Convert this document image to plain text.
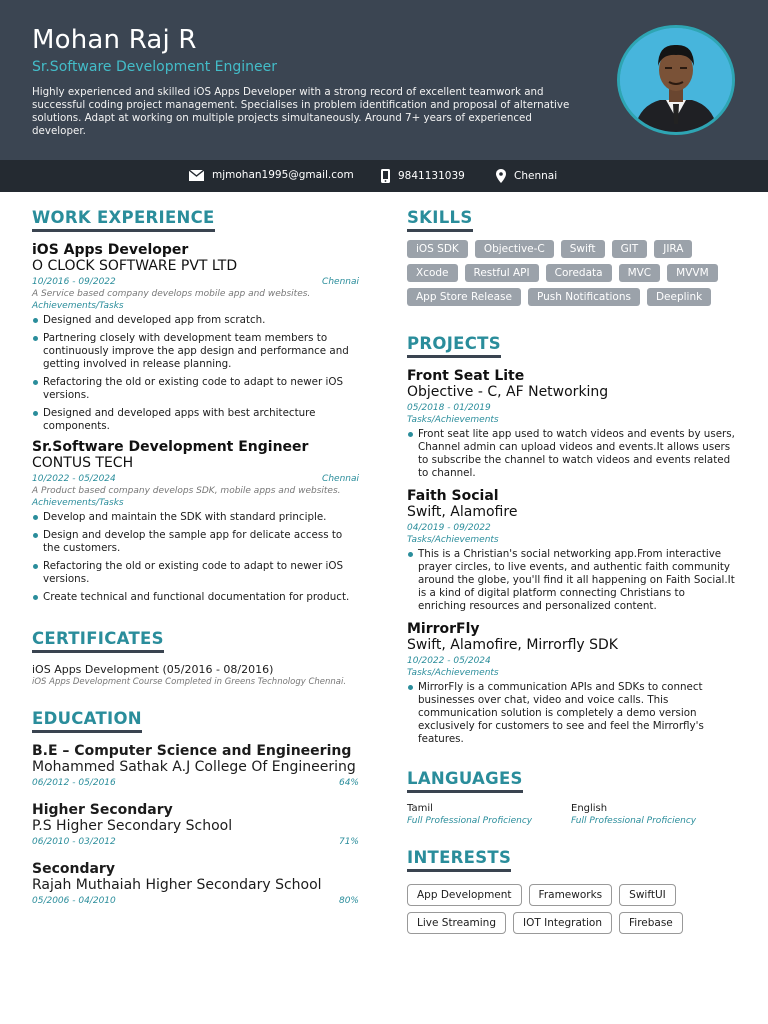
Mohan Raj R
Sr.Software Development Engineer
Highly experienced and skilled iOS Apps Developer with a strong record of excellent teamwork and successful coding project management. Specialises in problem identification and proposal of alternative solutions. Adapt at working on multiple projects simultaneously. Around 7+ years of experienced developer.
mjmohan1995@gmail.com	9841131039	Chennai
WORK EXPERIENCE
iOS Apps Developer
O CLOCK SOFTWARE PVT LTD
10/2016 - 09/2022	Chennai
A Service based company develops mobile app and websites.
Achievements/Tasks
Designed and developed app from scratch.
Partnering closely with development team members to continuously improve the app design and performance and getting involved in release planning.
Refactoring the old or existing code to adapt to newer iOS versions.
Designed and developed apps with best architecture components.
Sr.Software Development Engineer
CONTUS TECH
10/2022 - 05/2024	Chennai
A Product based company develops SDK, mobile apps and websites.
Achievements/Tasks
Develop and maintain the SDK with standard principle.
Design and develop the sample app for delicate access to the customers.
Refactoring the old or existing code to adapt to newer iOS versions.
Create technical and functional documentation for product.
CERTIFICATES
iOS Apps Development (05/2016 - 08/2016)
iOS Apps Development Course Completed in Greens Technology Chennai.
EDUCATION
B.E – Computer Science and Engineering
Mohammed Sathak A.J College Of Engineering
06/2012 - 05/2016	64%
Higher Secondary
P.S Higher Secondary School
06/2010 - 03/2012	71%
Secondary
Rajah Muthaiah Higher Secondary School
05/2006 - 04/2010	80%
SKILLS
iOS SDK	Objective-C	Swift	GIT	JIRA
Xcode	Restful API	Coredata	MVC	MVVM
App Store Release	Push Notifications	Deeplink
PROJECTS
Front Seat Lite
Objective - C, AF Networking
05/2018 - 01/2019
Tasks/Achievements
Front seat lite app used to watch videos and events by users, Channel admin can upload videos and events.It allows users to subscribe the channel to watch videos and events related to channel.
Faith Social
Swift, Alamofire
04/2019 - 09/2022
Tasks/Achievements
This is a Christian's social networking app.From interactive prayer circles, to live events, and authentic faith community around the globe, you'll find it all happening on Faith Social.It is a kind of digital platform connecting Christians to enriching resources and personalized content.
MirrorFly
Swift, Alamofire, Mirrorfly SDK
10/2022 - 05/2024
Tasks/Achievements
MirrorFly is a communication APIs and SDKs to connect businesses over chat, video and voice calls. This communication solution is completely a demo version exclusively for customers to see and feel the Mirrorfly's features.
LANGUAGES
Tamil
Full Professional Proficiency
English
Full Professional Proficiency
INTERESTS
App Development	Frameworks	SwiftUI
Live Streaming	IOT Integration	Firebase
